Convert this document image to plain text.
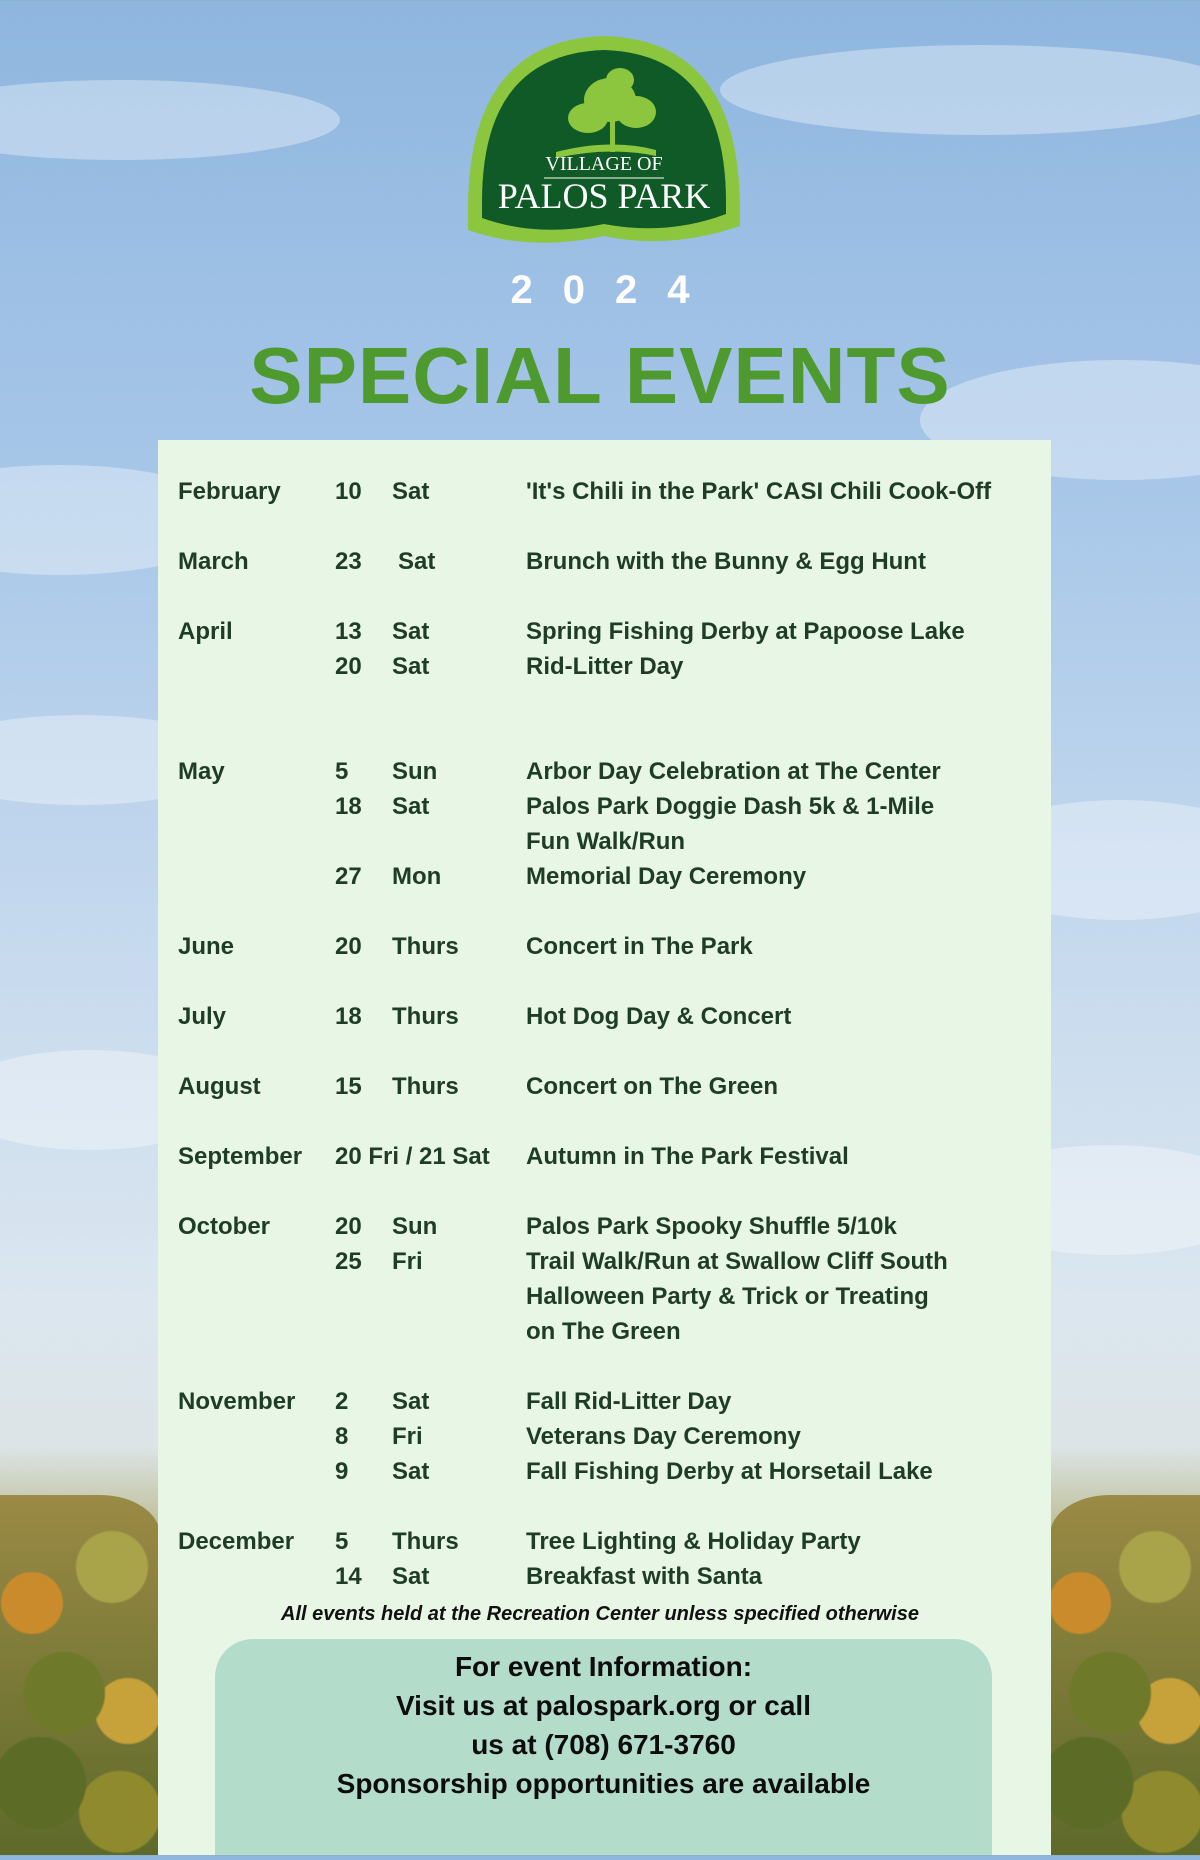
VILLAGE OF
PALOS PARK
2024
SPECIAL EVENTS
February 10 Sat	'It's Chili in the Park' CASI Chili Cook-Off
March	23 Sat	Brunch with the Bunny & Egg Hunt
April	13 Sat	Spring Fishing Derby at Papoose Lake
20 Sat	Rid-Litter Day
May	5 Sun	Arbor Day Celebration at The Center
18 Sat	Palos Park Doggie Dash 5k & 1-Mile
Fun Walk/Run
27 Mon	Memorial Day Ceremony
June	20 Thurs	Concert in The Park
July	18 Thurs	Hot Dog Day & Concert
August	15 Thurs	Concert on The Green
September 20 Fri / 21 Sat Autumn in The Park Festival
October	20 Sun	Palos Park Spooky Shuffle 5/10k
25 Fri	Trail Walk/Run at Swallow Cliff South
Halloween Party & Trick or Treating
on The Green
November 2 Sat	Fall Rid-Litter Day
8 Fri	Veterans Day Ceremony
9 Sat	Fall Fishing Derby at Horsetail Lake
December 5 Thurs	Tree Lighting & Holiday Party
14 Sat	Breakfast with Santa
All events held at the Recreation Center unless specified otherwise
For event Information:
Visit us at palospark.org or call
us at (708) 671-3760
Sponsorship opportunities are available
